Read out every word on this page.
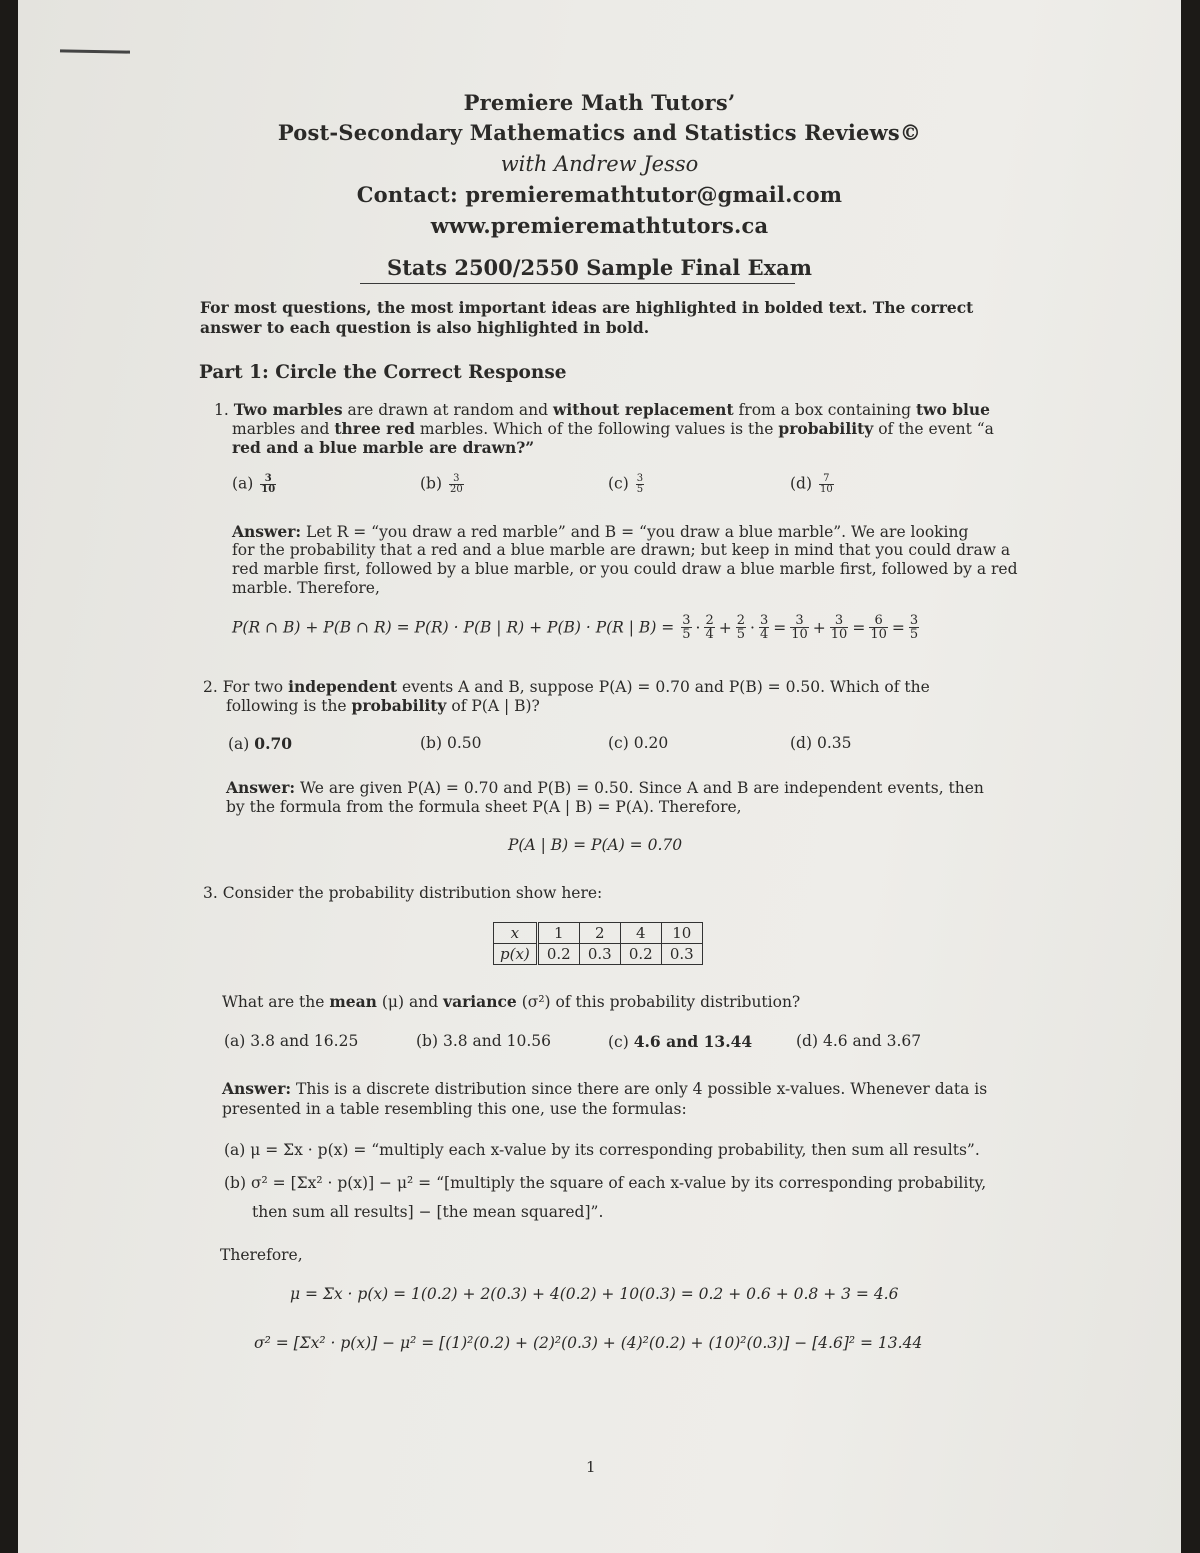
Premiere Math Tutors’
Post-Secondary Mathematics and Statistics Reviews©
with Andrew Jesso
Contact: premieremathtutor@gmail.com
www.premieremathtutors.ca
Stats 2500/2550 Sample Final Exam
For most questions, the most important ideas are highlighted in bolded text. The correct
answer to each question is also highlighted in bold.
Part 1: Circle the Correct Response
1. Two marbles are drawn at random and without replacement from a box containing two blue
marbles and three red marbles. Which of the following values is the probability of the event “a
red and a blue marble are drawn?”
$(a) \frac{3}{10}$	$(b) \frac{3}{20}$	$(c) \frac{3}{5}$	$(d) \frac{7}{10}$
Answer: Let R = “you draw a red marble” and B = “you draw a blue marble”. We are looking
for the probability that a red and a blue marble are drawn; but keep in mind that you could draw a
red marble first, followed by a blue marble, or you could draw a blue marble first, followed by a red
marble. Therefore,
P(R ∩ B) + P(B ∩ R) = P(R) · P(B | R) + P(B) · P(R | $B) = \frac{3}{5} \cdot \frac{2}{4} + \frac{2}{5} \cdot \frac{3}{4} = \frac{3}{10} + \frac{3}{10} = \frac{6}{10} = \frac{3}{5}$
2. For two independent events A and B, suppose P(A) = 0.70 and P(B) = 0.50. Which of the
following is the probability of P(A | B)?
(a) 0.70	(b) 0.50	(c) 0.20	(d) 0.35
Answer: We are given P(A) = 0.70 and P(B) = 0.50. Since A and B are independent events, then
by the formula from the formula sheet P(A | B) = P(A). Therefore,
P(A | B) = P(A) = 0.70
3. Consider the probability distribution show here:
x	1	2	4	10
p(x)	0.2	0.3	0.2	0.3
What are the mean (μ) and variance (σ²) of this probability distribution?
(a) 3.8 and 16.25	(b) 3.8 and 10.56	(c) 4.6 and 13.44	(d) 4.6 and 3.67
Answer: This is a discrete distribution since there are only 4 possible x-values. Whenever data is
presented in a table resembling this one, use the formulas:
(a) μ = Σx · p(x) = “multiply each x-value by its corresponding probability, then sum all results”.
(b) σ² = [Σx² · p(x)] − μ² = “[multiply the square of each x-value by its corresponding probability,
then sum all results] − [the mean squared]”.
Therefore,
μ = Σx · p(x) = 1(0.2) + 2(0.3) + 4(0.2) + 10(0.3) = 0.2 + 0.6 + 0.8 + 3 = 4.6
σ² = [Σx² · p(x)] − μ² = [(1)²(0.2) + (2)²(0.3) + (4)²(0.2) + (10)²(0.3)] − [4.6]² = 13.44
1
